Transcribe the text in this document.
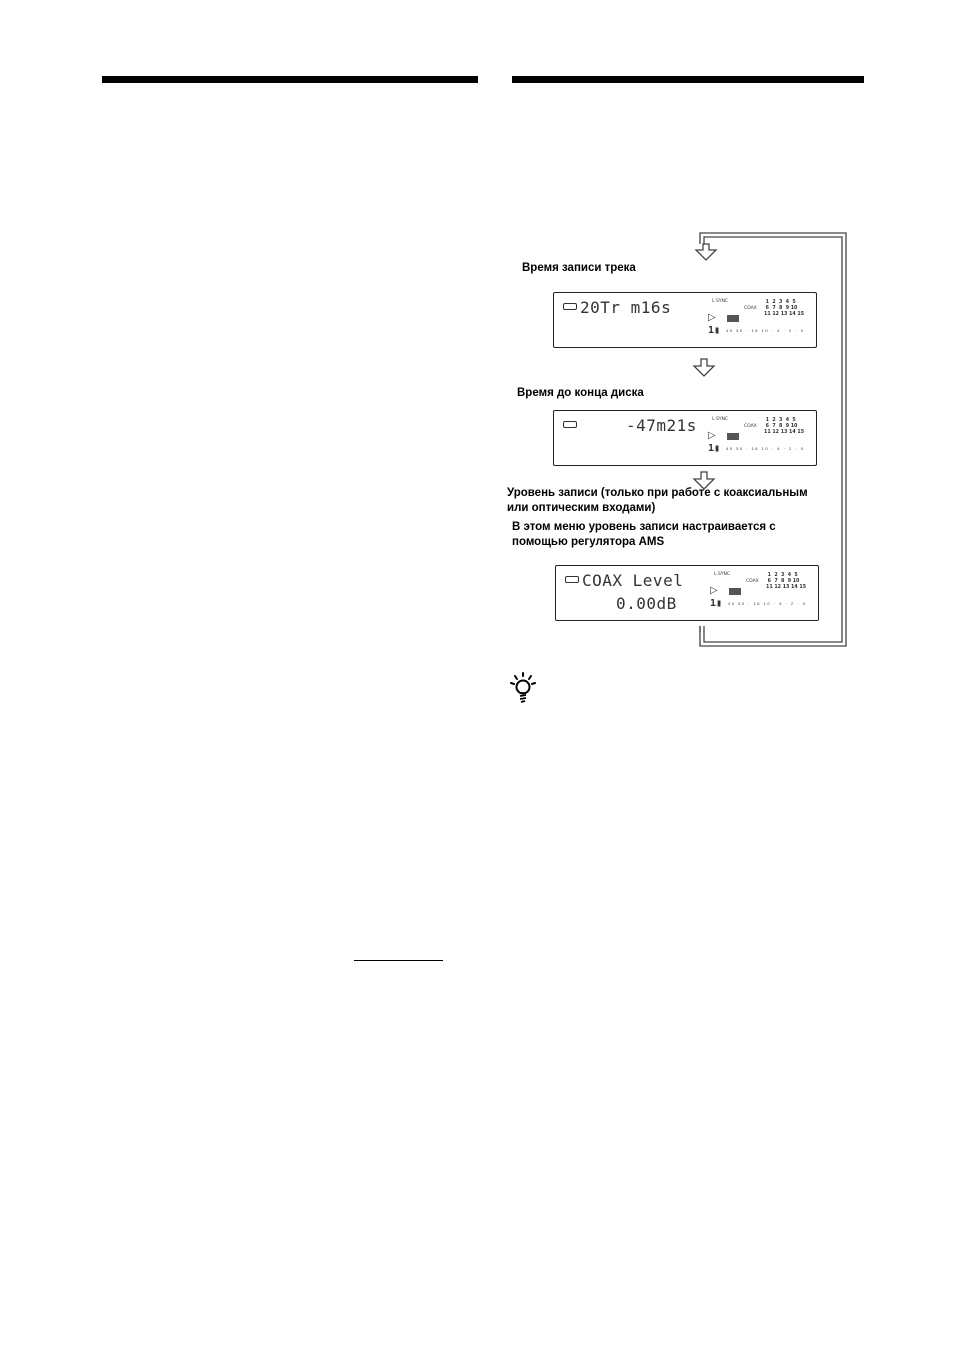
Время записи трека
20Tr m16s	L.SYNC
▷
COAX
1  2  3  4  5
6  7  8  9 10
11 12 13 14 15
1▮ 40 30 · 16 10 · 4 · 2 · 0
Время до конца диска
-47m21s	L.SYNC
▷
COAX
1  2  3  4  5
6  7  8  9 10
11 12 13 14 15
1▮ 40 30 · 16 10 · 4 · 2 · 0
Уровень записи (только при работе с коаксиальным
или оптическим входами)
В этом меню уровень записи настраивается с
помощью регулятора AMS
COAX Level
0.00dB
L.SYNC
▷
COAX
1  2  3  4  5
6  7  8  9 10
11 12 13 14 15
1▮ 40 30 · 16 10 · 4 · 2 · 0
